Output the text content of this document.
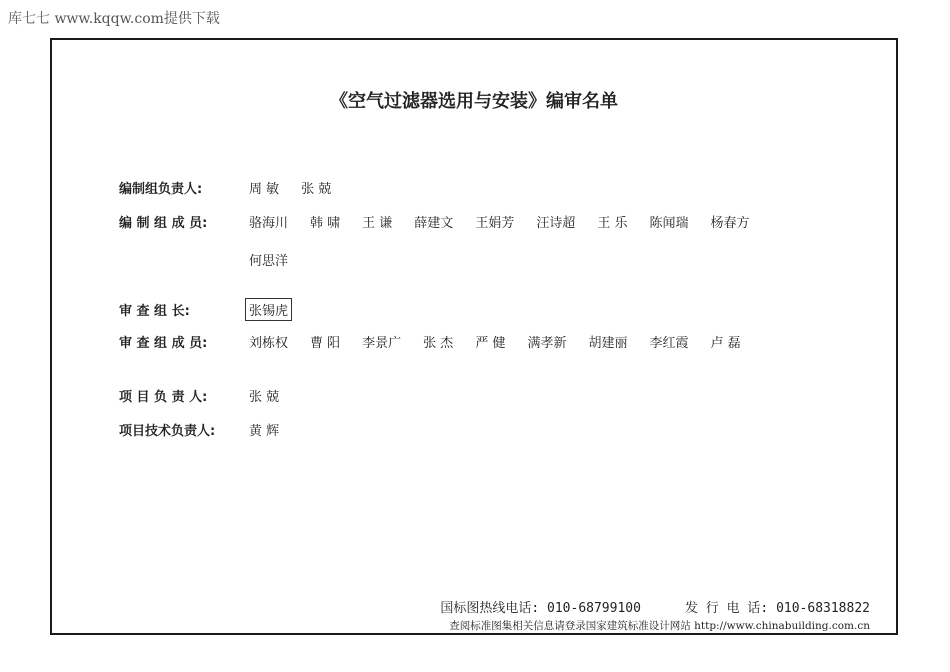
库七七 www.kqqw.com提供下载
《空气过滤器选用与安装》编审名单
编制组负责人:	周 敏 张 兢
编 制 组 成 员:	骆海川 韩 啸 王 谦 薛建文 王娟芳 汪诗超 王 乐 陈闻瑞 杨春方
何思洋
审 查 组 长:	张锡虎
审 查 组 成 员:	刘栋权 曹 阳 李景广 张 杰 严 健 满孝新 胡建丽 李红霞 卢 磊
项 目 负 责 人:	张 兢
项目技术负责人:	黄 辉
国标图热线电话: 010-68799100	发 行 电 话: 010-68318822
查阅标准图集相关信息请登录国家建筑标准设计网站 http://www.chinabuilding.com.cn
